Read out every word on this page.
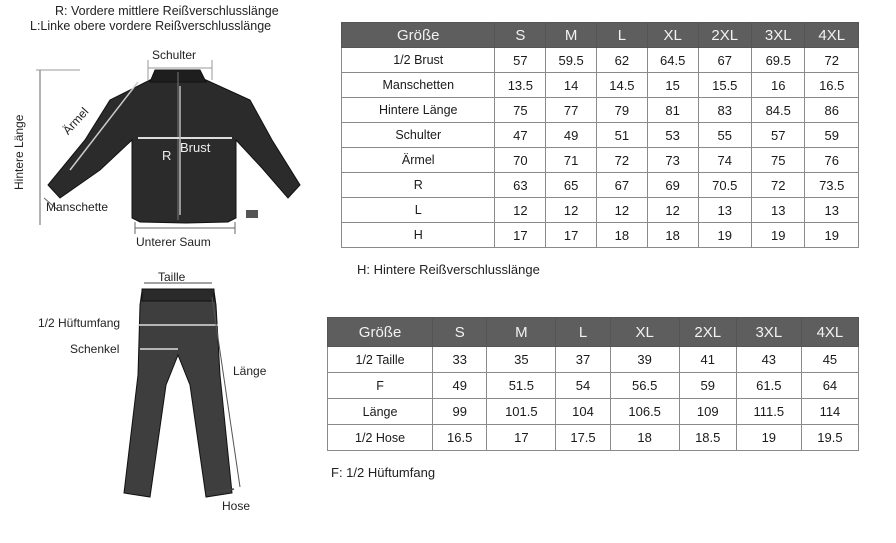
R: Vordere mittlere Reißverschlusslänge
L:Linke obere vordere Reißverschlusslänge
Schulter
Ärmel
Hintere Länge	Brust
R
Manschette
Unterer Saum
Taille
1/2 Hüftumfang
Schenkel
Länge
Hose
Größe	S	M	L	XL	2XL	3XL	4XL
1/2 Brust	57	59.5	62	64.5	67	69.5	72
Manschetten	13.5	14	14.5	15	15.5	16	16.5
Hintere Länge	75	77	79	81	83	84.5	86
Schulter	47	49	51	53	55	57	59
Ärmel	70	71	72	73	74	75	76
R	63	65	67	69	70.5	72	73.5
L	12	12	12	12	13	13	13
H	17	17	18	18	19	19	19
H: Hintere Reißverschlusslänge
Größe	S	M	L	XL	2XL	3XL	4XL
1/2 Taille	33	35	37	39	41	43	45
F	49	51.5	54	56.5	59	61.5	64
Länge	99	101.5	104	106.5	109	111.5	114
1/2 Hose	16.5	17	17.5	18	18.5	19	19.5
F: 1/2 Hüftumfang
